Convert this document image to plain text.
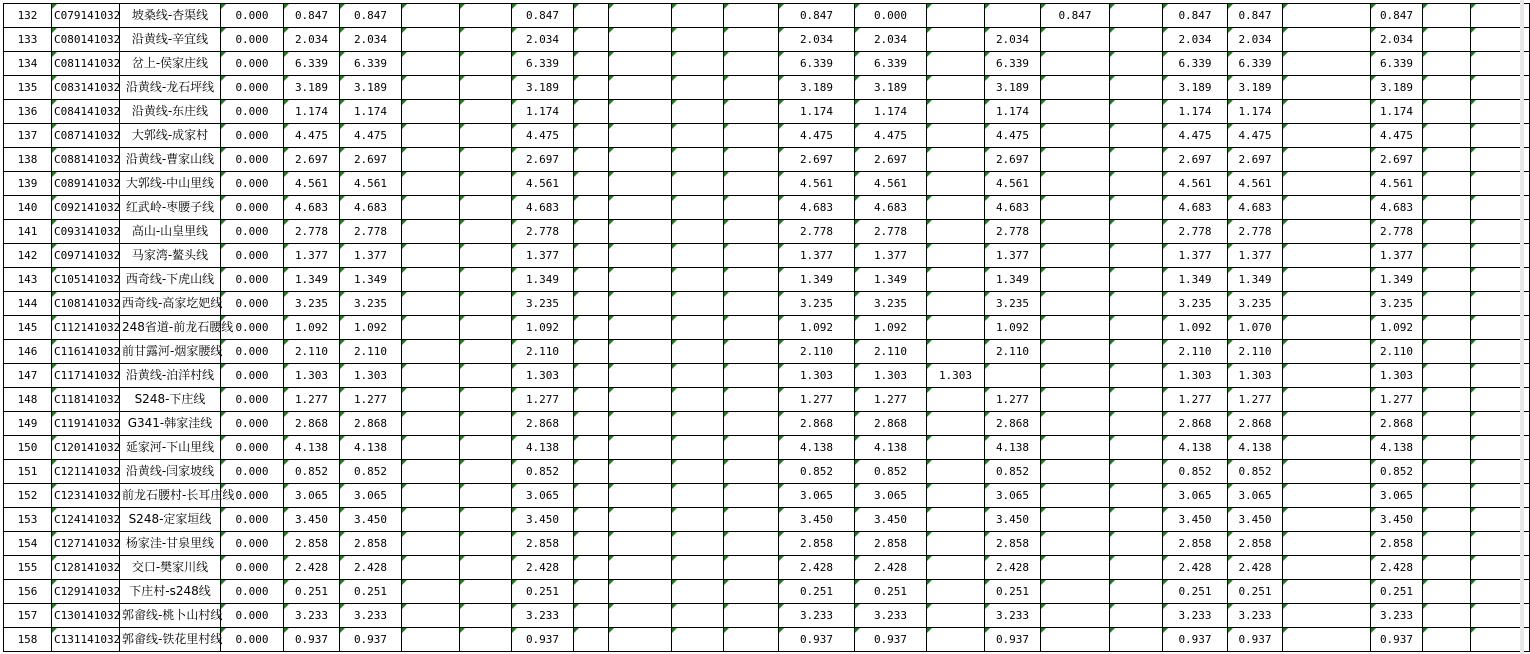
132	C079141032	坡桑线-杏渠线	0.000	0.847	0.847			0.847					0.847	0.000			0.847		0.847	0.847		0.847		
133	C080141032	沿黄线-辛宜线	0.000	2.034	2.034			2.034					2.034	2.034		2.034			2.034	2.034		2.034		
134	C081141032	岔上-侯家庄线	0.000	6.339	6.339			6.339					6.339	6.339		6.339			6.339	6.339		6.339		
135	C083141032	沿黄线-龙石坪线	0.000	3.189	3.189			3.189					3.189	3.189		3.189			3.189	3.189		3.189		
136	C084141032	沿黄线-东庄线	0.000	1.174	1.174			1.174					1.174	1.174		1.174			1.174	1.174		1.174		
137	C087141032	大郭线-成家村	0.000	4.475	4.475			4.475					4.475	4.475		4.475			4.475	4.475		4.475		
138	C088141032	沿黄线-曹家山线	0.000	2.697	2.697			2.697					2.697	2.697		2.697			2.697	2.697		2.697		
139	C089141032	大郭线-中山里线	0.000	4.561	4.561			4.561					4.561	4.561		4.561			4.561	4.561		4.561		
140	C092141032	红武岭-枣腰子线	0.000	4.683	4.683			4.683					4.683	4.683		4.683			4.683	4.683		4.683		
141	C093141032	高山-山皇里线	0.000	2.778	2.778			2.778					2.778	2.778		2.778			2.778	2.778		2.778		
142	C097141032	马家湾-鳌头线	0.000	1.377	1.377			1.377					1.377	1.377		1.377			1.377	1.377		1.377		
143	C105141032	西奇线-下虎山线	0.000	1.349	1.349			1.349					1.349	1.349		1.349			1.349	1.349		1.349		
144	C108141032	西奇线-高家圪妑线	0.000	3.235	3.235			3.235					3.235	3.235		3.235			3.235	3.235		3.235		
145	C112141032	248省道-前龙石腰线	0.000	1.092	1.092			1.092					1.092	1.092		1.092			1.092	1.070		1.092		
146	C116141032	前甘露河-烟家腰线	0.000	2.110	2.110			2.110					2.110	2.110		2.110			2.110	2.110		2.110		
147	C117141032	沿黄线-泊洋村线	0.000	1.303	1.303			1.303					1.303	1.303	1.303				1.303	1.303		1.303		
148	C118141032	S248-下庄线	0.000	1.277	1.277			1.277					1.277	1.277		1.277			1.277	1.277		1.277		
149	C119141032	G341-韩家洼线	0.000	2.868	2.868			2.868					2.868	2.868		2.868			2.868	2.868		2.868		
150	C120141032	延家河-下山里线	0.000	4.138	4.138			4.138					4.138	4.138		4.138			4.138	4.138		4.138		
151	C121141032	沿黄线-闫家坡线	0.000	0.852	0.852			0.852					0.852	0.852		0.852			0.852	0.852		0.852		
152	C123141032	前龙石腰村-长耳庄线	0.000	3.065	3.065			3.065					3.065	3.065		3.065			3.065	3.065		3.065		
153	C124141032	S248-定家垣线	0.000	3.450	3.450			3.450					3.450	3.450		3.450			3.450	3.450		3.450		
154	C127141032	杨家洼-甘泉里线	0.000	2.858	2.858			2.858					2.858	2.858		2.858			2.858	2.858		2.858		
155	C128141032	交口-樊家川线	0.000	2.428	2.428			2.428					2.428	2.428		2.428			2.428	2.428		2.428		
156	C129141032	下庄村-s248线	0.000	0.251	0.251			0.251					0.251	0.251		0.251			0.251	0.251		0.251		
157	C130141032	郭畲线-桃卜山村线	0.000	3.233	3.233			3.233					3.233	3.233		3.233			3.233	3.233		3.233		
158	C131141032	郭畲线-铁花里村线	0.000	0.937	0.937			0.937					0.937	0.937		0.937			0.937	0.937		0.937		
